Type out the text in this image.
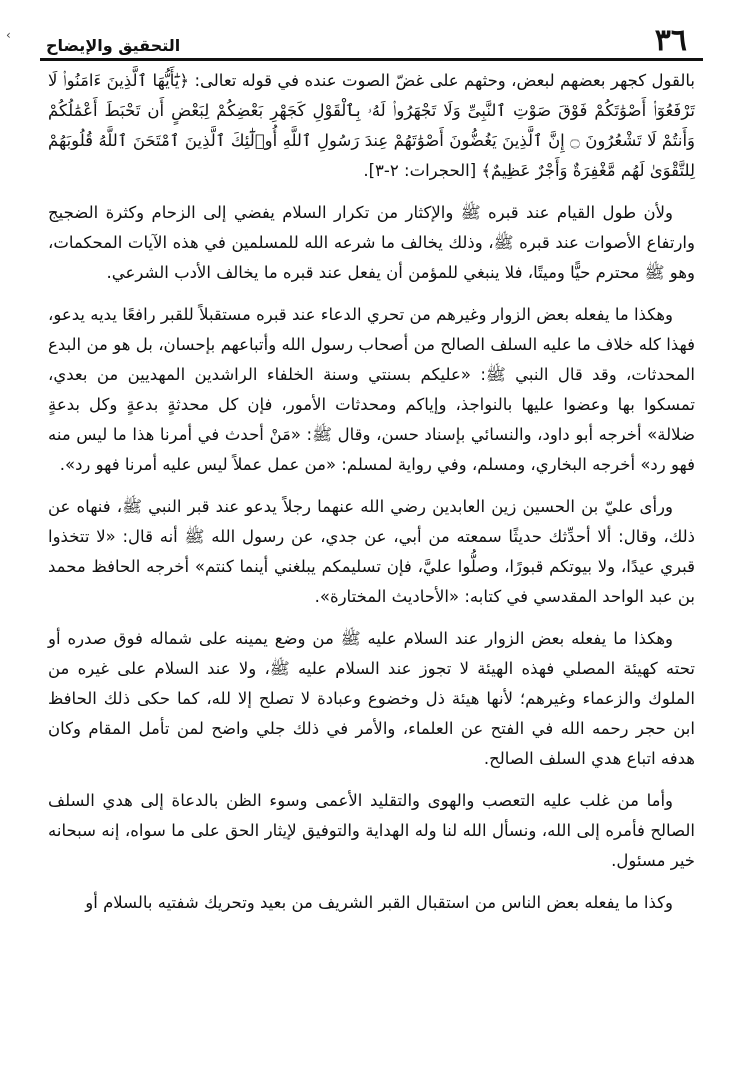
›	٣٦
التحقيق والإيضاح

بالقول كجهر بعضهم لبعض، وحثهم على غضّ الصوت عنده في قوله تعالى: ﴿يَٰٓأَيُّهَا ٱلَّذِينَ ءَامَنُوا۟ لَا تَرْفَعُوٓا۟ أَصْوَٰتَكُمْ فَوْقَ صَوْتِ ٱلنَّبِىِّ وَلَا تَجْهَرُوا۟ لَهُۥ بِٱلْقَوْلِ كَجَهْرِ بَعْضِكُمْ لِبَعْضٍ أَن تَحْبَطَ أَعْمَٰلُكُمْ وَأَنتُمْ لَا تَشْعُرُونَ ۝ إِنَّ ٱلَّذِينَ يَغُضُّونَ أَصْوَٰتَهُمْ عِندَ رَسُولِ ٱللَّهِ أُو۟لَٰٓئِكَ ٱلَّذِينَ ٱمْتَحَنَ ٱللَّهُ قُلُوبَهُمْ لِلتَّقْوَىٰ لَهُم مَّغْفِرَةٌ وَأَجْرٌ عَظِيمٌ﴾ [الحجرات: ٢-٣].

ولأن طول القيام عند قبره ﷺ والإكثار من تكرار السلام يفضي إلى الزحام وكثرة الضجيج وارتفاع الأصوات عند قبره ﷺ، وذلك يخالف ما شرعه الله للمسلمين في هذه الآيات المحكمات، وهو ﷺ محترم حيًّا وميتًا، فلا ينبغي للمؤمن أن يفعل عند قبره ما يخالف الأدب الشرعي.

وهكذا ما يفعله بعض الزوار وغيرهم من تحري الدعاء عند قبره مستقبلاً للقبر رافعًا يديه يدعو، فهذا كله خلاف ما عليه السلف الصالح من أصحاب رسول الله وأتباعهم بإحسان، بل هو من البدع المحدثات، وقد قال النبي ﷺ: «عليكم بسنتي وسنة الخلفاء الراشدين المهديين من بعدي، تمسكوا بها وعضوا عليها بالنواجذ، وإياكم ومحدثات الأمور، فإن كل محدثةٍ بدعةٍ وكل بدعةٍ ضلالة» أخرجه أبو داود، والنسائي بإسناد حسن، وقال ﷺ: «مَنْ أحدث في أمرنا هذا ما ليس منه فهو رد» أخرجه البخاري، ومسلم، وفي رواية لمسلم: «من عمل عملاً ليس عليه أمرنا فهو رد».

ورأى عليّ بن الحسين زين العابدين رضي الله عنهما رجلاً يدعو عند قبر النبي ﷺ، فنهاه عن ذلك، وقال: ألا أحدِّثك حديثًا سمعته من أبي، عن جدي، عن رسول الله ﷺ أنه قال: «لا تتخذوا قبري عيدًا، ولا بيوتكم قبورًا، وصلُّوا عليَّ، فإن تسليمكم يبلغني أينما كنتم» أخرجه الحافظ محمد بن عبد الواحد المقدسي في كتابه: «الأحاديث المختارة».

وهكذا ما يفعله بعض الزوار عند السلام عليه ﷺ من وضع يمينه على شماله فوق صدره أو تحته كهيئة المصلي فهذه الهيئة لا تجوز عند السلام عليه ﷺ، ولا عند السلام على غيره من الملوك والزعماء وغيرهم؛ لأنها هيئة ذل وخضوع وعبادة لا تصلح إلا لله، كما حكى ذلك الحافظ ابن حجر رحمه الله في الفتح عن العلماء، والأمر في ذلك جلي واضح لمن تأمل المقام وكان هدفه اتباع هدي السلف الصالح.

وأما من غلب عليه التعصب والهوى والتقليد الأعمى وسوء الظن بالدعاة إلى هدي السلف الصالح فأمره إلى الله، ونسأل الله لنا وله الهداية والتوفيق لإيثار الحق على ما سواه، إنه سبحانه خير مسئول.

وكذا ما يفعله بعض الناس من استقبال القبر الشريف من بعيد وتحريك شفتيه بالسلام أو
